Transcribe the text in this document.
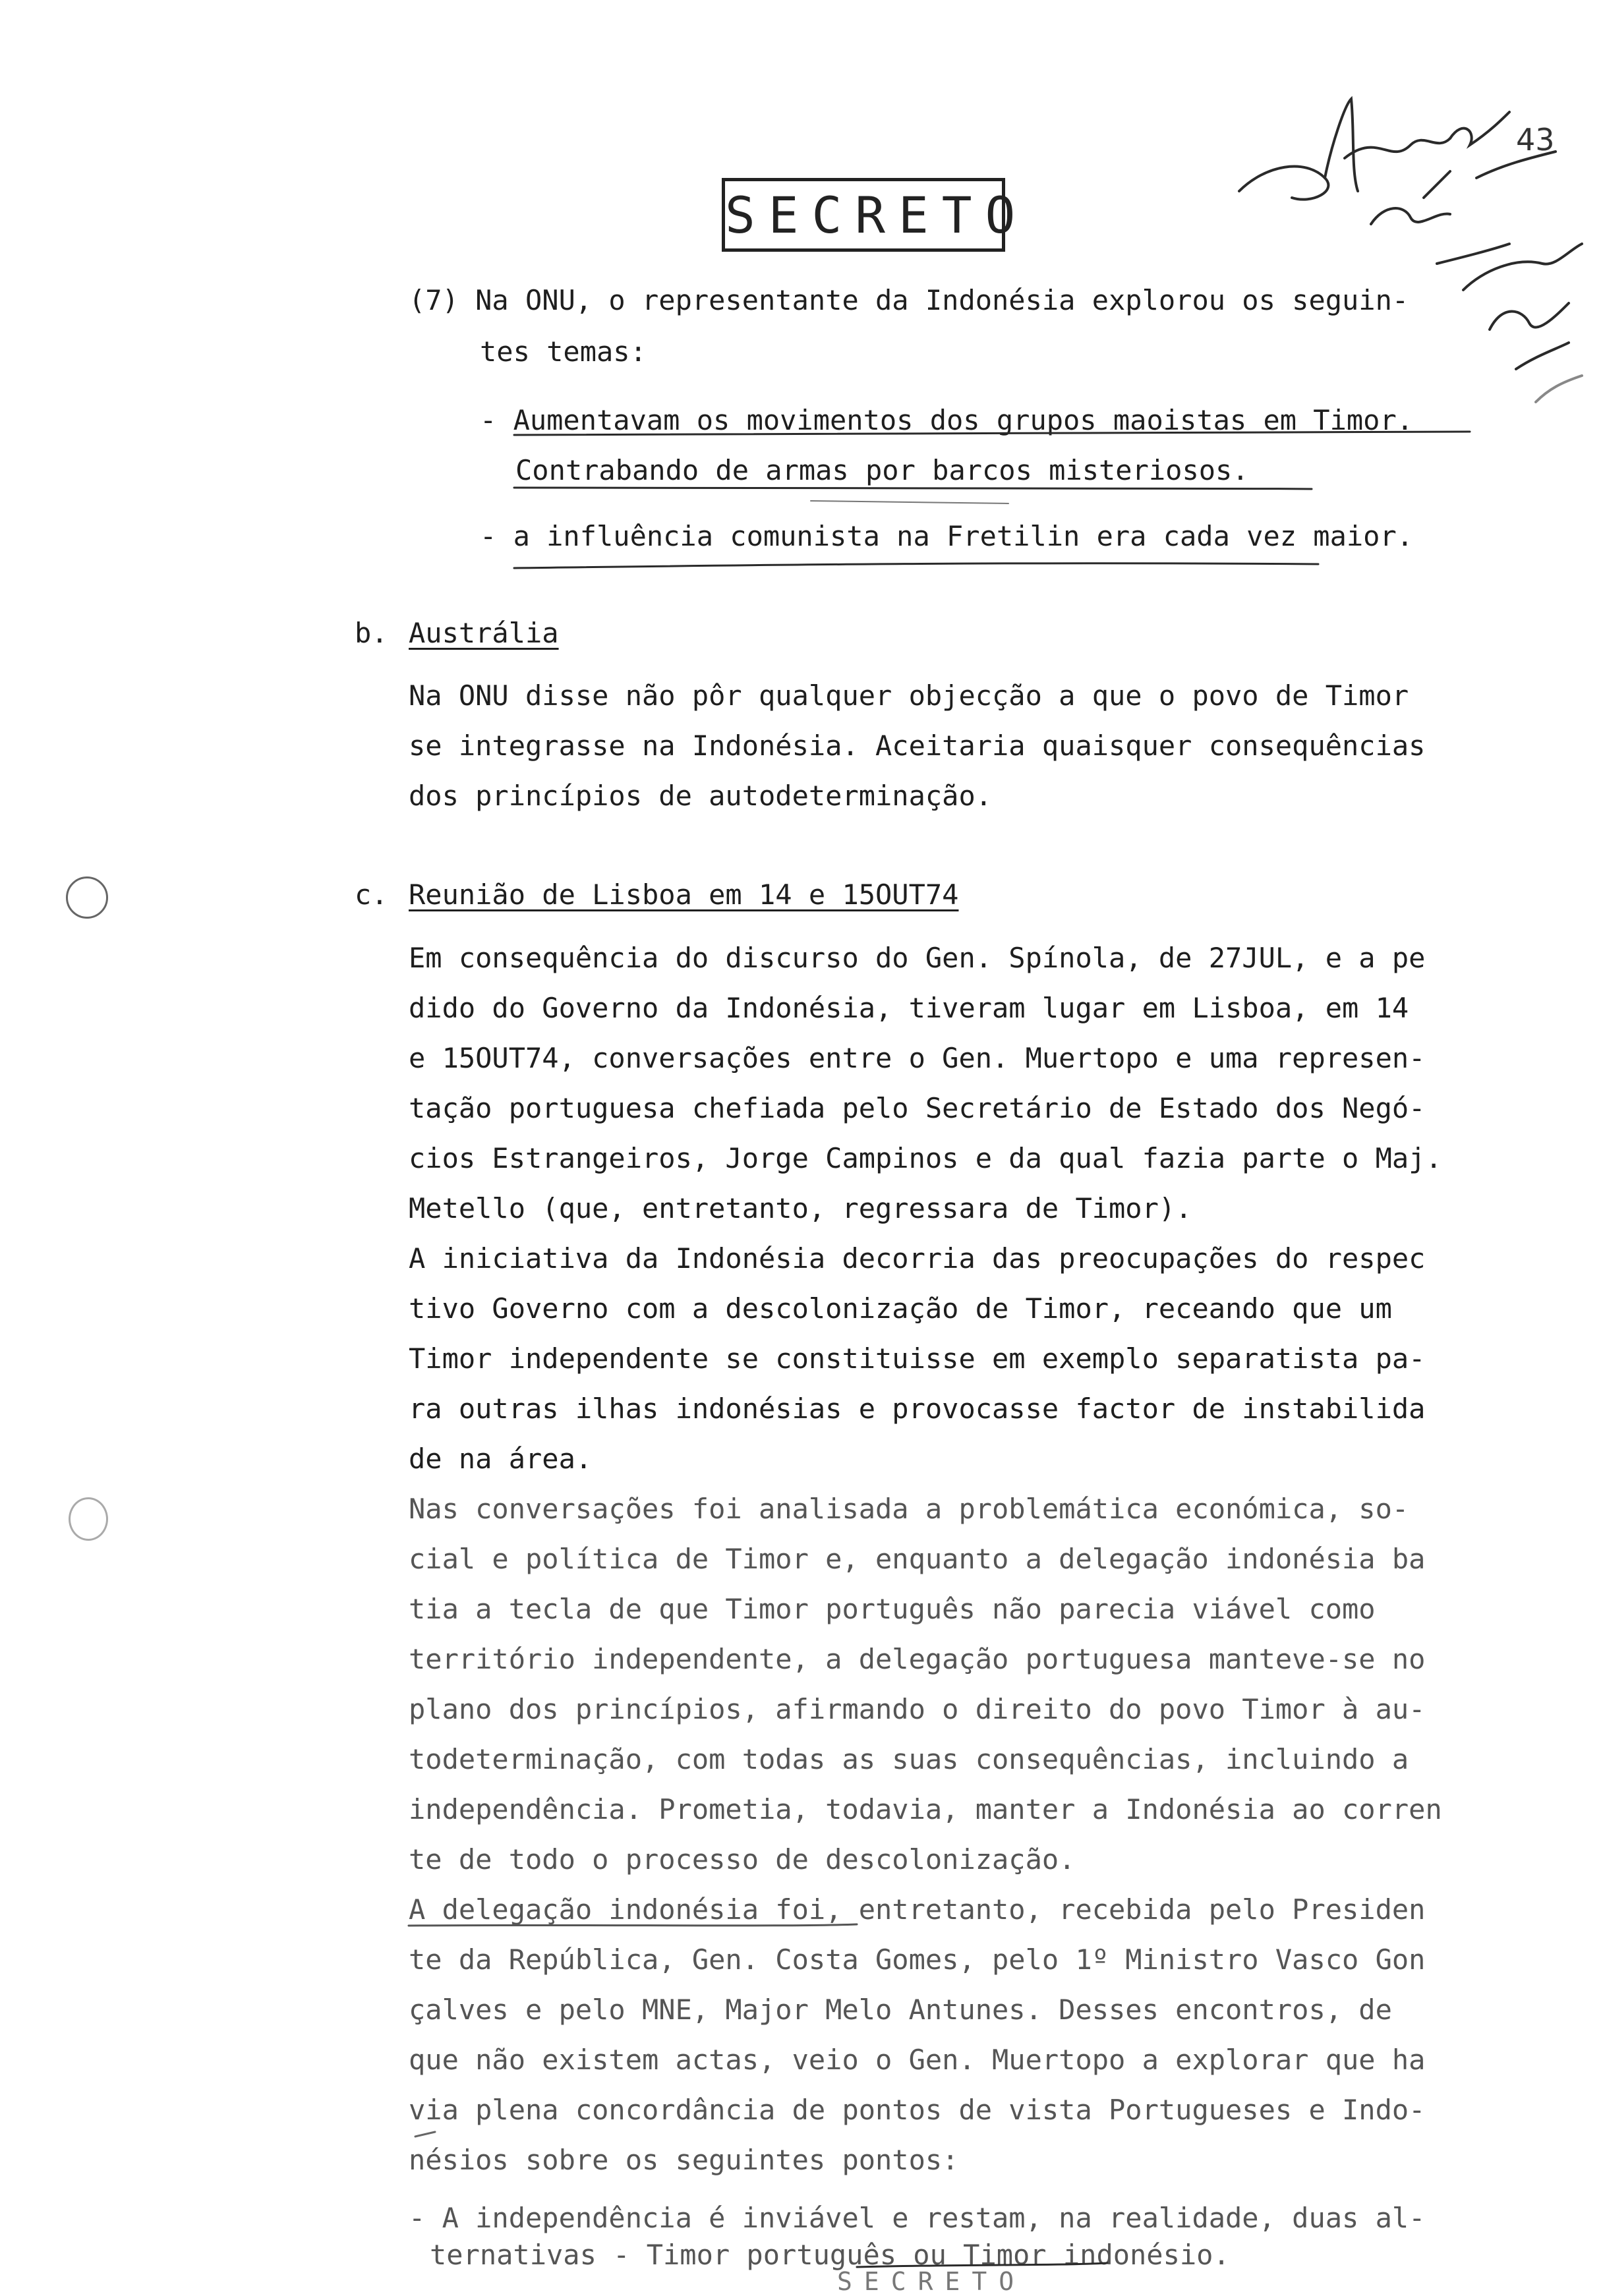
SECRETO
43
(7) Na ONU, o representante da Indonésia explorou os seguin-
tes temas:
- Aumentavam os movimentos dos grupos maoistas em Timor.
Contrabando de armas por barcos misteriosos.
- a influência comunista na Fretilin era cada vez maior.
b. Austrália
Na ONU disse não pôr qualquer objecção a que o povo de Timor
se integrasse na Indonésia. Aceitaria quaisquer consequências
dos princípios de autodeterminação.
c. Reunião de Lisboa em 14 e 15OUT74
Em consequência do discurso do Gen. Spínola, de 27JUL, e a pe
dido do Governo da Indonésia, tiveram lugar em Lisboa, em 14
e 15OUT74, conversações entre o Gen. Muertopo e uma represen-
tação portuguesa chefiada pelo Secretário de Estado dos Negó-
cios Estrangeiros, Jorge Campinos e da qual fazia parte o Maj.
Metello (que, entretanto, regressara de Timor).
A iniciativa da Indonésia decorria das preocupações do respec
tivo Governo com a descolonização de Timor, receando que um
Timor independente se constituisse em exemplo separatista pa-
ra outras ilhas indonésias e provocasse factor de instabilida
de na área.
Nas conversações foi analisada a problemática económica, so-
cial e política de Timor e, enquanto a delegação indonésia ba
tia a tecla de que Timor português não parecia viável como
território independente, a delegação portuguesa manteve-se no
plano dos princípios, afirmando o direito do povo Timor à au-
todeterminação, com todas as suas consequências, incluindo a
independência. Prometia, todavia, manter a Indonésia ao corren
te de todo o processo de descolonização.
A delegação indonésia foi, entretanto, recebida pelo Presiden
te da República, Gen. Costa Gomes, pelo 1º Ministro Vasco Gon
çalves e pelo MNE, Major Melo Antunes. Desses encontros, de
que não existem actas, veio o Gen. Muertopo a explorar que ha
via plena concordância de pontos de vista Portugueses e Indo-
nésios sobre os seguintes pontos:
- A independência é inviável e restam, na realidade, duas al-
ternativas - Timor português ou Timor indonésio.
SECRETO
